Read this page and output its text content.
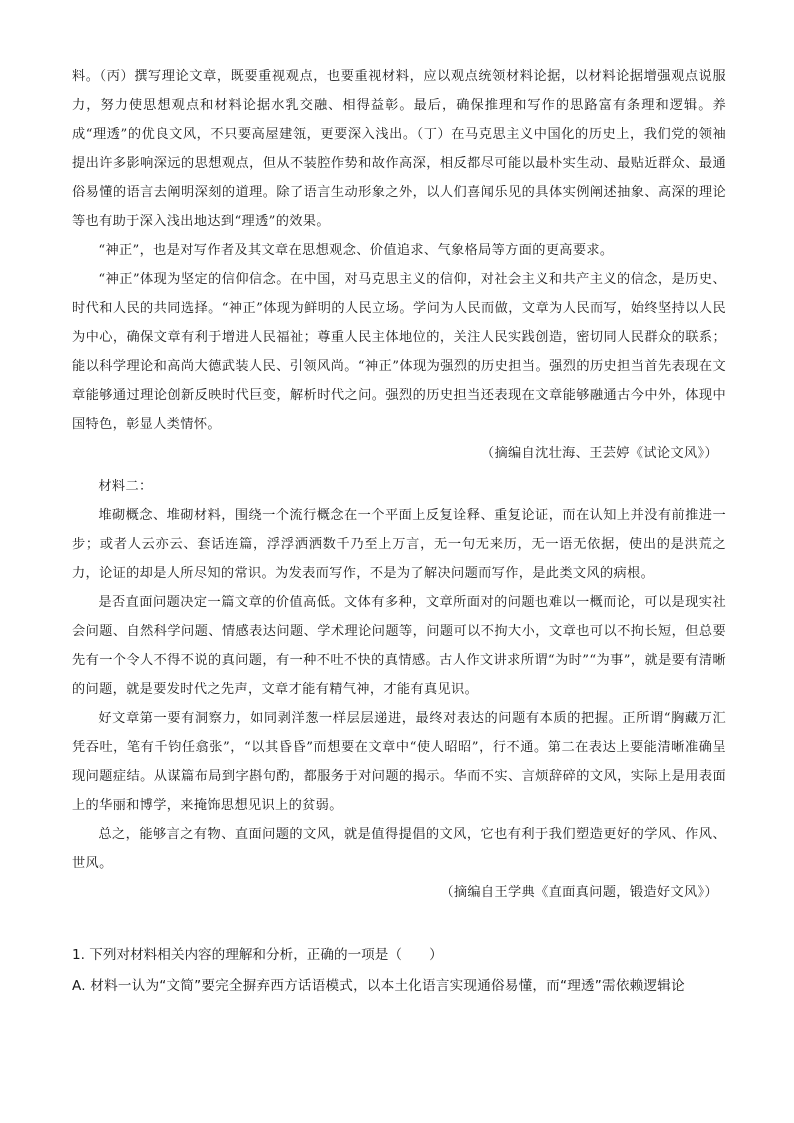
料。（丙）撰写理论文章，既要重视观点，也要重视材料，应以观点统领材料论据，以材料论据增强观点说服力，努力使思想观点和材料论据水乳交融、相得益彰。最后，确保推理和写作的思路富有条理和逻辑。养成“理透”的优良文风，不只要高屋建瓴，更要深入浅出。（丁）在马克思主义中国化的历史上，我们党的领袖提出许多影响深远的思想观点，但从不装腔作势和故作高深，相反都尽可能以最朴实生动、最贴近群众、最通俗易懂的语言去阐明深刻的道理。除了语言生动形象之外，以人们喜闻乐见的具体实例阐述抽象、高深的理论等也有助于深入浅出地达到“理透”的效果。

“神正”，也是对写作者及其文章在思想观念、价值追求、气象格局等方面的更高要求。

“神正”体现为坚定的信仰信念。在中国，对马克思主义的信仰，对社会主义和共产主义的信念，是历史、时代和人民的共同选择。“神正”体现为鲜明的人民立场。学问为人民而做，文章为人民而写，始终坚持以人民为中心，确保文章有利于增进人民福祉；尊重人民主体地位的，关注人民实践创造，密切同人民群众的联系；能以科学理论和高尚大德武装人民、引领风尚。“神正”体现为强烈的历史担当。强烈的历史担当首先表现在文章能够通过理论创新反映时代巨变，解析时代之问。强烈的历史担当还表现在文章能够融通古今中外，体现中国特色，彰显人类情怀。

（摘编自沈壮海、王芸婷《试论文风》）

材料二：

堆砌概念、堆砌材料，围绕一个流行概念在一个平面上反复诠释、重复论证，而在认知上并没有前推进一步；或者人云亦云、套话连篇，浮浮洒洒数千乃至上万言，无一句无来历，无一语无依据，使出的是洪荒之力，论证的却是人所尽知的常识。为发表而写作，不是为了解决问题而写作，是此类文风的病根。

是否直面问题决定一篇文章的价值高低。文体有多种，文章所面对的问题也难以一概而论，可以是现实社会问题、自然科学问题、情感表达问题、学术理论问题等，问题可以不拘大小，文章也可以不拘长短，但总要先有一个令人不得不说的真问题，有一种不吐不快的真情感。古人作文讲求所谓“为时”“为事”，就是要有清晰的问题，就是要发时代之先声，文章才能有精气神，才能有真见识。

好文章第一要有洞察力，如同剥洋葱一样层层递进，最终对表达的问题有本质的把握。正所谓“胸藏万汇凭吞吐，笔有千钧任翕张”，“以其昏昏”而想要在文章中“使人昭昭”，行不通。第二在表达上要能清晰准确呈现问题症结。从谋篇布局到字斟句酌，都服务于对问题的揭示。华而不实、言烦辞碎的文风，实际上是用表面上的华丽和博学，来掩饰思想见识上的贫弱。

总之，能够言之有物、直面问题的文风，就是值得提倡的文风，它也有利于我们塑造更好的学风、作风、世风。

（摘编自王学典《直面真问题，锻造好文风》）

1. 下列对材料相关内容的理解和分析，正确的一项是（　　）

A. 材料一认为“文简”要完全摒弃西方话语模式，以本土化语言实现通俗易懂，而“理透”需依赖逻辑论
